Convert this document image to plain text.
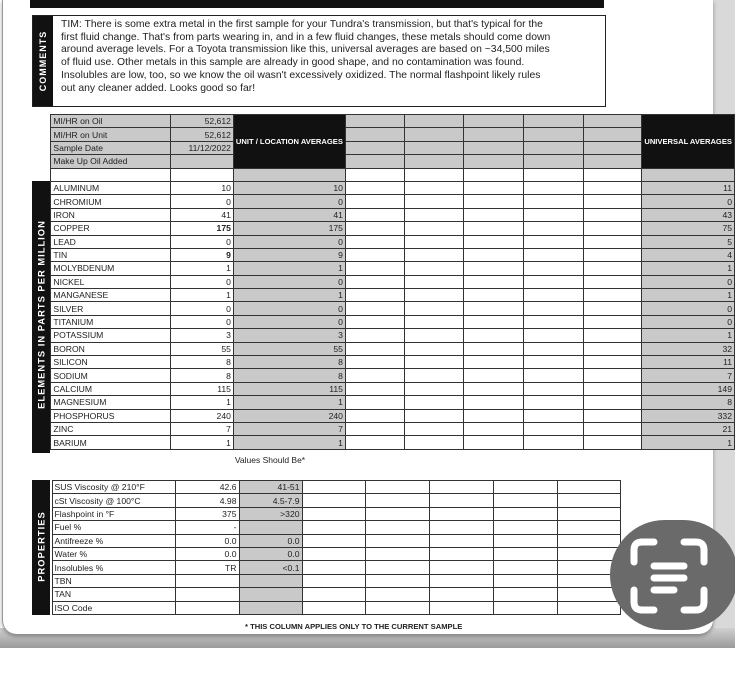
COMMENTS
TIM: There is some extra metal in the first sample for your Tundra's transmission, but that's typical for the
first fluid change. That's from parts wearing in, and in a few fluid changes, these metals should come down
around average levels. For a Toyota transmission like this, universal averages are based on ~34,500 miles
of fluid use. Other metals in this sample are already in good shape, and no contamination was found.
Insolubles are low, too, so we know the oil wasn't excessively oxidized. The normal flashpoint likely rules
out any cleaner added. Looks good so far!
	MI/HR on Oil	52,612	UNIT / LOCATION AVERAGES						UNIVERSAL AVERAGES
	MI/HR on Unit	52,612							
	Sample Date	11/12/2022							
	Make Up Oil Added								

	ALUMINUM	10	10						11
	CHROMIUM	0	0						0
	IRON	41	41						43
	COPPER	175	175						75
	LEAD	0	0						5
	TIN	9	9						4
	MOLYBDENUM	1	1						1
	NICKEL	0	0						0
	MANGANESE	1	1						1
	SILVER	0	0						0
	TITANIUM	0	0						0
	POTASSIUM	3	3						1
	BORON	55	55						32
	SILICON	8	8						11
	SODIUM	8	8						7
	CALCIUM	115	115						149
	MAGNESIUM	1	1						8
	PHOSPHORUS	240	240						332
	ZINC	7	7						21
	BARIUM	1	1						1
ELEMENTS IN PARTS PER MILLION
Values Should Be*
	SUS Viscosity @ 210°F	42.6	41-51					
	cSt Viscosity @ 100°C	4.98	4.5-7.9					
	Flashpoint in °F	375	>320					
	Fuel %	-						
	Antifreeze %	0.0	0.0					
	Water %	0.0	0.0					
	Insolubles %	TR	<0.1					
	TBN							
	TAN							
	ISO Code							
PROPERTIES
* THIS COLUMN APPLIES ONLY TO THE CURRENT SAMPLE
